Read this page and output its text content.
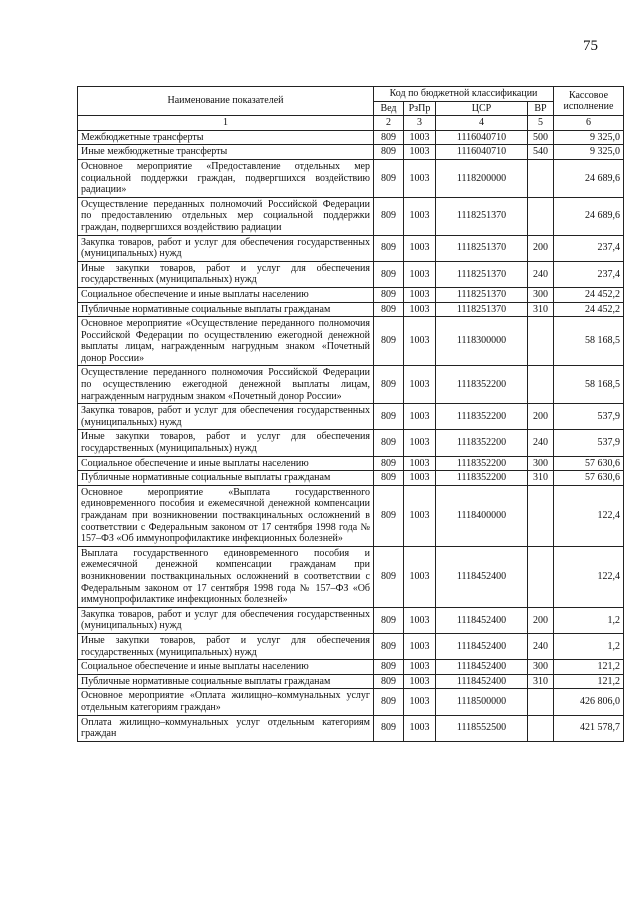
75
Наименование показателей	Код по бюджетной классификации				Кассовое исполнение
	Вед	РзПр	ЦСР	ВР	
1	2	3	4	5	6
Межбюджетные трансферты	809	1003	1116040710	500	9 325,0
Иные межбюджетные трансферты	809	1003	1116040710	540	9 325,0
Основное мероприятие «Предоставление отдельных мер социальной поддержки граждан, подвергшихся воздействию радиации»	809	1003	1118200000		24 689,6
Осуществление переданных полномочий Российской Федерации по предоставлению отдельных мер социальной поддержки граждан, подвергшихся воздействию радиации	809	1003	1118251370		24 689,6
Закупка товаров, работ и услуг для обеспечения государственных (муниципальных) нужд	809	1003	1118251370	200	237,4
Иные закупки товаров, работ и услуг для обеспечения государственных (муниципальных) нужд	809	1003	1118251370	240	237,4
Социальное обеспечение и иные выплаты населению	809	1003	1118251370	300	24 452,2
Публичные нормативные социальные выплаты гражданам	809	1003	1118251370	310	24 452,2
Основное мероприятие «Осуществление переданного полномочия Российской Федерации по осуществлению ежегодной денежной выплаты лицам, награжденным нагрудным знаком «Почетный донор России»	809	1003	1118300000		58 168,5
Осуществление переданного полномочия Российской Федерации по осуществлению ежегодной денежной выплаты лицам, награжденным нагрудным знаком «Почетный донор России»	809	1003	1118352200		58 168,5
Закупка товаров, работ и услуг для обеспечения государственных (муниципальных) нужд	809	1003	1118352200	200	537,9
Иные закупки товаров, работ и услуг для обеспечения государственных (муниципальных) нужд	809	1003	1118352200	240	537,9
Социальное обеспечение и иные выплаты населению	809	1003	1118352200	300	57 630,6
Публичные нормативные социальные выплаты гражданам	809	1003	1118352200	310	57 630,6
Основное мероприятие «Выплата государственного единовременного пособия и ежемесячной денежной компенсации гражданам при возникновении поствакцинальных осложнений в соответствии с Федеральным законом от 17 сентября 1998 года № 157–ФЗ «Об иммунопрофилактике инфекционных болезней»	809	1003	1118400000		122,4
Выплата государственного единовременного пособия и ежемесячной денежной компенсации гражданам при возникновении поствакцинальных осложнений в соответствии с Федеральным законом от 17 сентября 1998 года № 157–ФЗ «Об иммунопрофилактике инфекционных болезней»	809	1003	1118452400		122,4
Закупка товаров, работ и услуг для обеспечения государственных (муниципальных) нужд	809	1003	1118452400	200	1,2
Иные закупки товаров, работ и услуг для обеспечения государственных (муниципальных) нужд	809	1003	1118452400	240	1,2
Социальное обеспечение и иные выплаты населению	809	1003	1118452400	300	121,2
Публичные нормативные социальные выплаты гражданам	809	1003	1118452400	310	121,2
Основное мероприятие «Оплата жилищно–коммунальных услуг отдельным категориям граждан»	809	1003	1118500000		426 806,0
Оплата жилищно–коммунальных услуг отдельным категориям граждан	809	1003	1118552500		421 578,7
